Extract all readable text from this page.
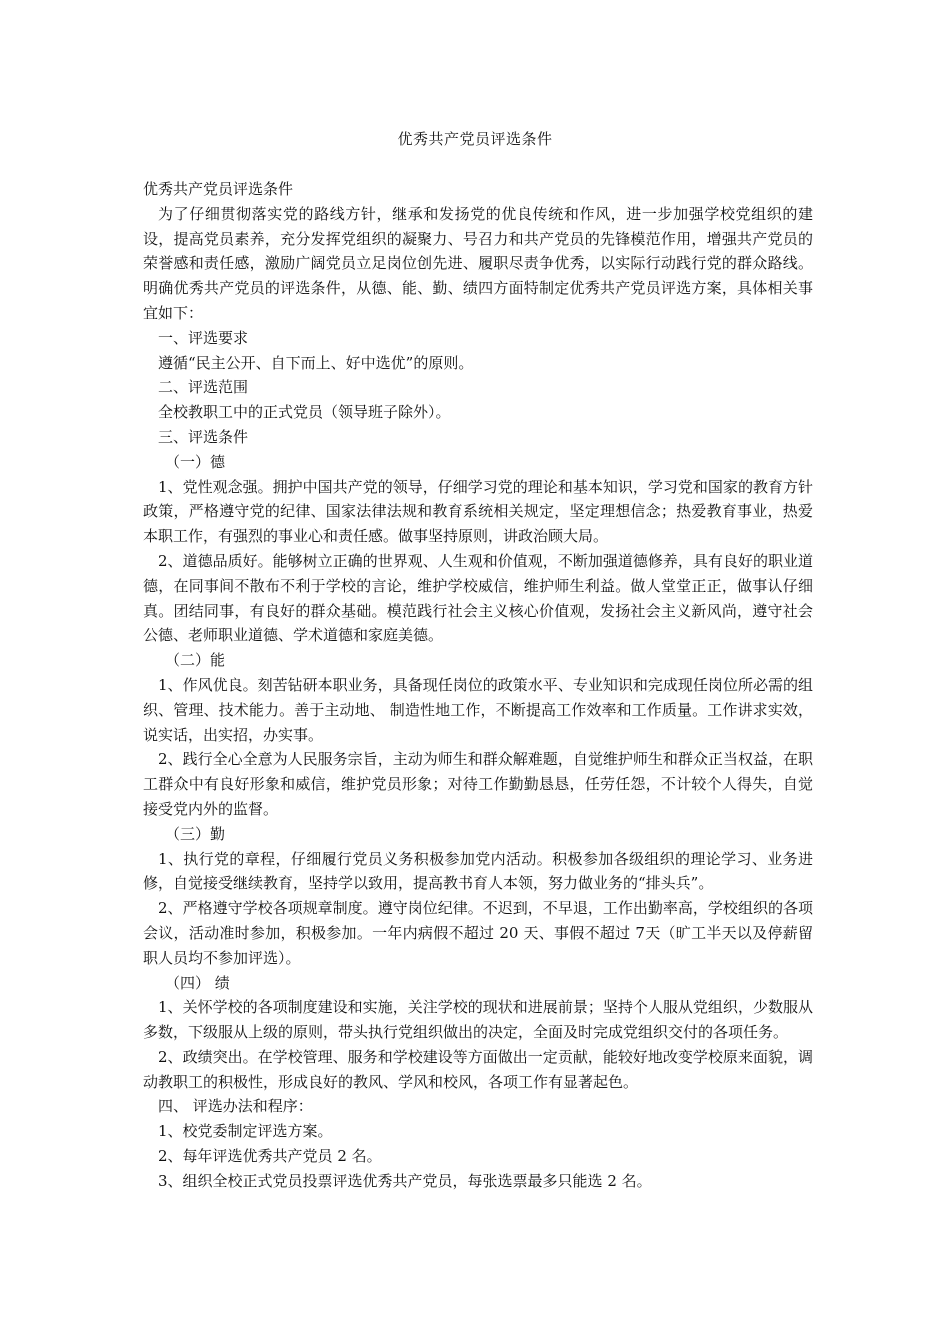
优秀共产党员评选条件

优秀共产党员评选条件

为了仔细贯彻落实党的路线方针，继承和发扬党的优良传统和作风，进一步加强学校党组织的建设，提高党员素养，充分发挥党组织的凝聚力、号召力和共产党员的先锋模范作用，增强共产党员的荣誉感和责任感，激励广阔党员立足岗位创先进、履职尽责争优秀，以实际行动践行党的群众路线。明确优秀共产党员的评选条件，从德、能、勤、绩四方面特制定优秀共产党员评选方案，具体相关事宜如下：

一、评选要求

遵循“民主公开、自下而上、好中选优”的原则。

二、评选范围

全校教职工中的正式党员（领导班子除外）。

三、评选条件

（一）德

1、党性观念强。拥护中国共产党的领导，仔细学习党的理论和基本知识，学习党和国家的教育方针政策，严格遵守党的纪律、国家法律法规和教育系统相关规定，坚定理想信念；热爱教育事业，热爱本职工作，有强烈的事业心和责任感。做事坚持原则，讲政治顾大局。

2、道德品质好。能够树立正确的世界观、人生观和价值观，不断加强道德修养，具有良好的职业道德，在同事间不散布不利于学校的言论，维护学校威信，维护师生利益。做人堂堂正正，做事认仔细真。团结同事，有良好的群众基础。模范践行社会主义核心价值观，发扬社会主义新风尚，遵守社会公德、老师职业道德、学术道德和家庭美德。

（二）能

1、作风优良。刻苦钻研本职业务，具备现任岗位的政策水平、专业知识和完成现任岗位所必需的组织、管理、技术能力。善于主动地、 制造性地工作，不断提高工作效率和工作质量。工作讲求实效，说实话，出实招，办实事。

2、践行全心全意为人民服务宗旨，主动为师生和群众解难题，自觉维护师生和群众正当权益，在职工群众中有良好形象和威信，维护党员形象；对待工作勤勤恳恳，任劳任怨，不计较个人得失，自觉接受党内外的监督。

（三）勤

1、执行党的章程，仔细履行党员义务积极参加党内活动。积极参加各级组织的理论学习、业务进修，自觉接受继续教育，坚持学以致用，提高教书育人本领，努力做业务的“排头兵”。

2、严格遵守学校各项规章制度。遵守岗位纪律。不迟到，不早退，工作出勤率高，学校组织的各项会议，活动准时参加，积极参加。一年内病假不超过 20 天、事假不超过 7天（旷工半天以及停薪留职人员均不参加评选）。

（四） 绩

1、关怀学校的各项制度建设和实施，关注学校的现状和进展前景；坚持个人服从党组织，少数服从多数，下级服从上级的原则，带头执行党组织做出的决定，全面及时完成党组织交付的各项任务。

2、政绩突出。在学校管理、服务和学校建设等方面做出一定贡献，能较好地改变学校原来面貌，调动教职工的积极性，形成良好的教风、学风和校风，各项工作有显著起色。

四、 评选办法和程序：

1、校党委制定评选方案。

2、每年评选优秀共产党员 2 名。

3、组织全校正式党员投票评选优秀共产党员，每张选票最多只能选 2 名。
